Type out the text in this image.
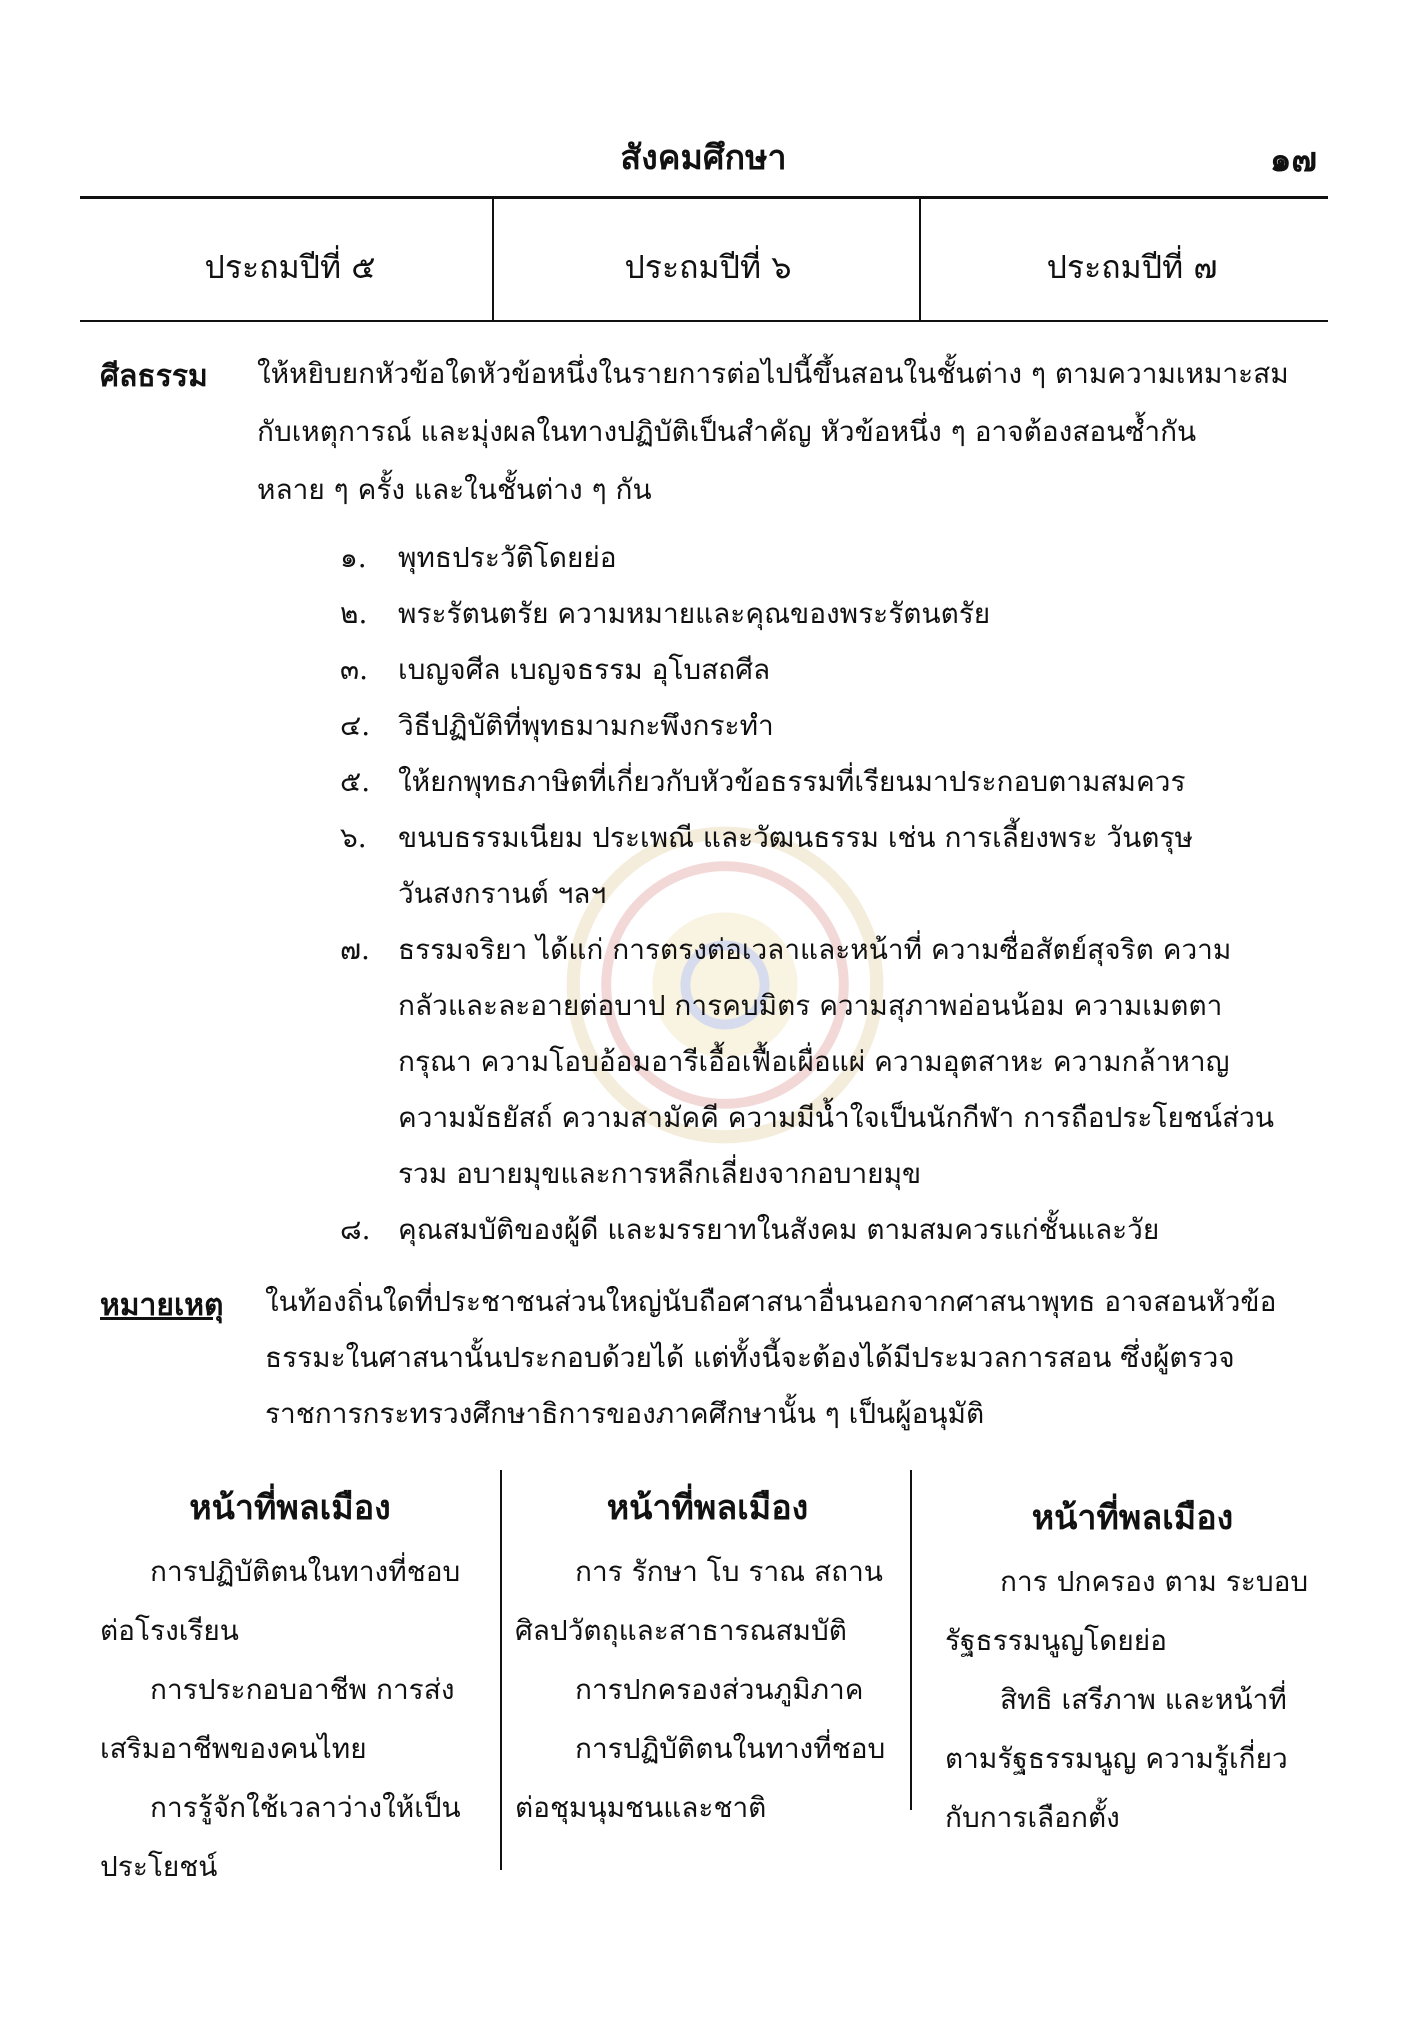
สังคมศึกษา	๑๗
ประถมปีที่ ๕	ประถมปีที่ ๖	ประถมปีที่ ๗
ศีลธรรม ให้หยิบยกหัวข้อใดหัวข้อหนึ่งในรายการต่อไปนี้ขึ้นสอนในชั้นต่าง ๆ ตามความเหมาะสม
กับเหตุการณ์ และมุ่งผลในทางปฏิบัติเป็นสำคัญ หัวข้อหนึ่ง ๆ อาจต้องสอนซ้ำกัน
หลาย ๆ ครั้ง และในชั้นต่าง ๆ กัน
๑. พุทธประวัติโดยย่อ
๒. พระรัตนตรัย ความหมายและคุณของพระรัตนตรัย
๓. เบญจศีล เบญจธรรม อุโบสถศีล
๔. วิธีปฏิบัติที่พุทธมามกะพึงกระทำ
๕. ให้ยกพุทธภาษิตที่เกี่ยวกับหัวข้อธรรมที่เรียนมาประกอบตามสมควร
๖. ขนบธรรมเนียม ประเพณี และวัฒนธรรม เช่น การเลี้ยงพระ วันตรุษ
วันสงกรานต์ ฯลฯ
๗. ธรรมจริยา ได้แก่ การตรงต่อเวลาและหน้าที่ ความซื่อสัตย์สุจริต ความ
กลัวและละอายต่อบาป การคบมิตร ความสุภาพอ่อนน้อม ความเมตตา
กรุณา ความโอบอ้อมอารีเอื้อเฟื้อเผื่อแผ่ ความอุตสาหะ ความกล้าหาญ
ความมัธยัสถ์ ความสามัคคี ความมีน้ำใจเป็นนักกีฬา การถือประโยชน์ส่วน
รวม อบายมุขและการหลีกเลี่ยงจากอบายมุข
๘. คุณสมบัติของผู้ดี และมรรยาทในสังคม ตามสมควรแก่ชั้นและวัย
หมายเหตุ ในท้องถิ่นใดที่ประชาชนส่วนใหญ่นับถือศาสนาอื่นนอกจากศาสนาพุทธ อาจสอนหัวข้อ
ธรรมะในศาสนานั้นประกอบด้วยได้ แต่ทั้งนี้จะต้องได้มีประมวลการสอน ซึ่งผู้ตรวจ
ราชการกระทรวงศึกษาธิการของภาคศึกษานั้น ๆ เป็นผู้อนุมัติ
หน้าที่พลเมือง
การปฏิบัติตนในทางที่ชอบ
ต่อโรงเรียน
การประกอบอาชีพ การส่ง
เสริมอาชีพของคนไทย
การรู้จักใช้เวลาว่างให้เป็น
ประโยชน์
หน้าที่พลเมือง
การ รักษา โบ ราณ สถาน
ศิลปวัตถุและสาธารณสมบัติ
การปกครองส่วนภูมิภาค
การปฏิบัติตนในทางที่ชอบ
ต่อชุมนุมชนและชาติ
หน้าที่พลเมือง
การ ปกครอง ตาม ระบอบ
รัฐธรรมนูญโดยย่อ
สิทธิ เสรีภาพ และหน้าที่
ตามรัฐธรรมนูญ ความรู้เกี่ยว
กับการเลือกตั้ง
